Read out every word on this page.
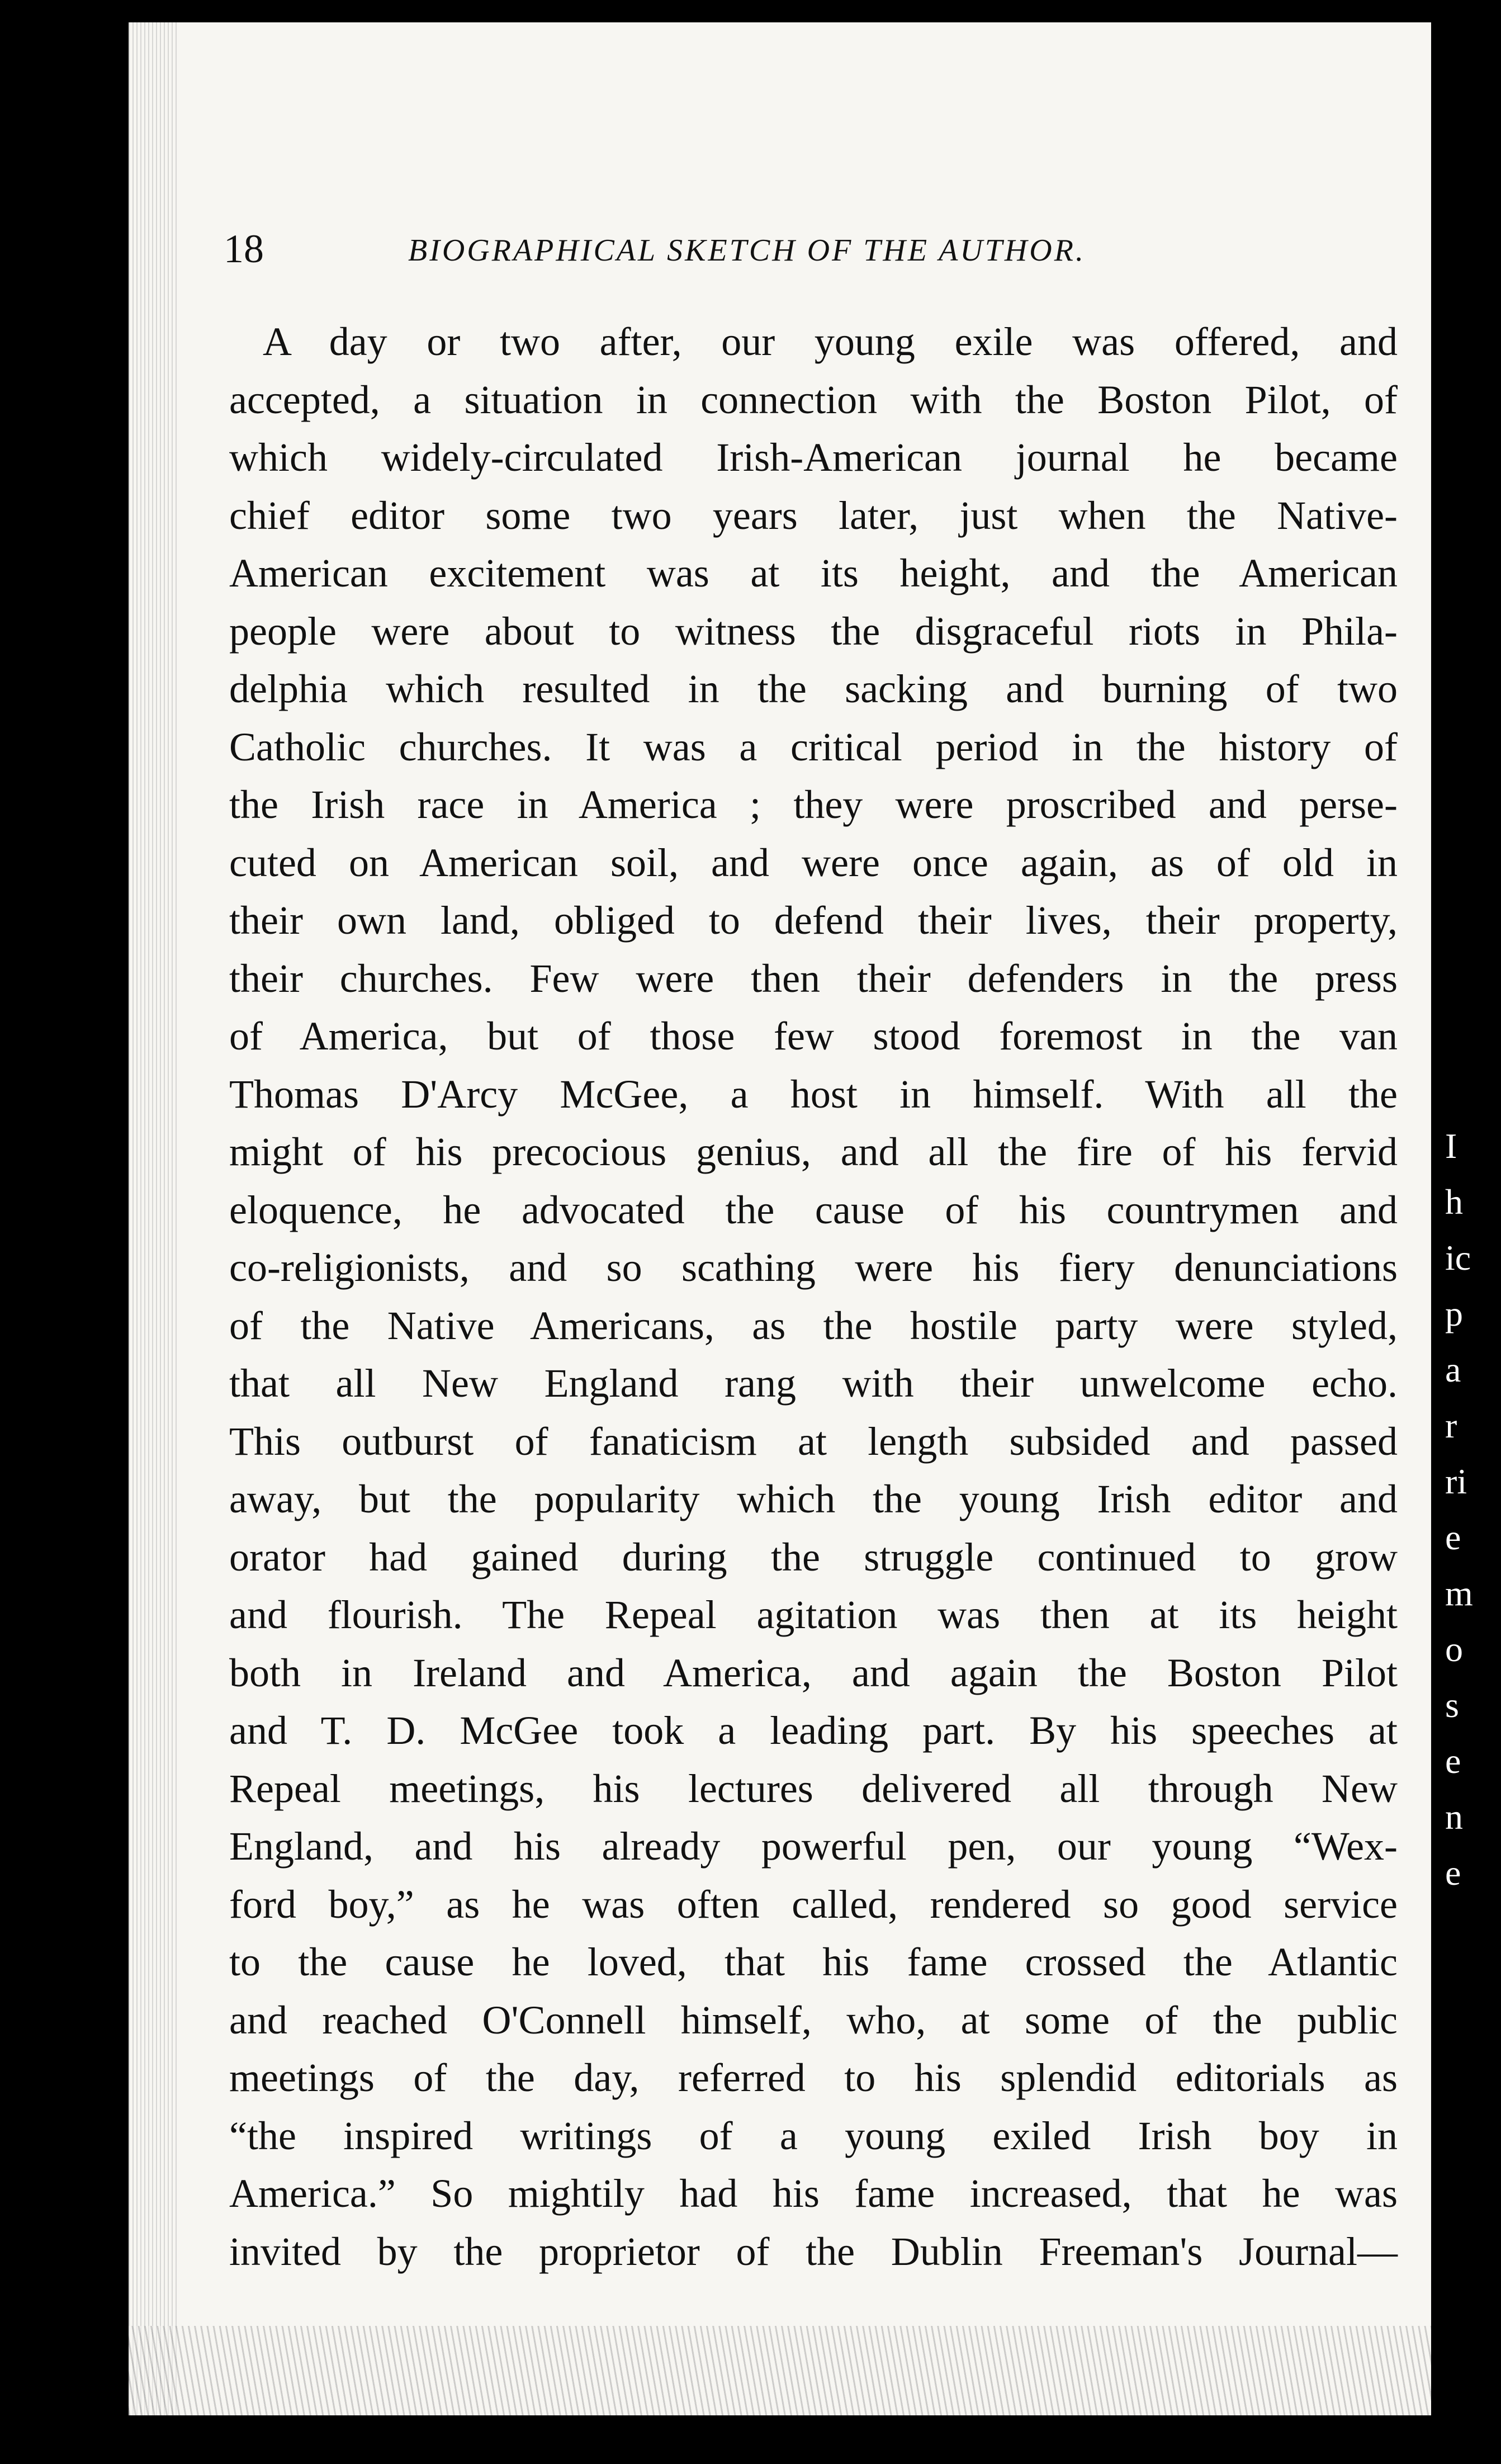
18	BIOGRAPHICAL SKETCH OF THE AUTHOR.
A day or two after, our young exile was offered, and
accepted, a situation in connection with the Boston Pilot, of
which widely-circulated Irish-American journal he became
chief editor some two years later, just when the Native-
American excitement was at its height, and the American
people were about to witness the disgraceful riots in Phila-
delphia which resulted in the sacking and burning of two
Catholic churches. It was a critical period in the history of
the Irish race in America ; they were proscribed and perse-
cuted on American soil, and were once again, as of old in
their own land, obliged to defend their lives, their property,
their churches. Few were then their defenders in the press
of America, but of those few stood foremost in the van
Thomas D'Arcy McGee, a host in himself. With all the
might of his precocious genius, and all the fire of his fervid
eloquence, he advocated the cause of his countrymen and
co-religionists, and so scathing were his fiery denunciations
of the Native Americans, as the hostile party were styled,
that all New England rang with their unwelcome echo.
This outburst of fanaticism at length subsided and passed
away, but the popularity which the young Irish editor and
orator had gained during the struggle continued to grow
and flourish. The Repeal agitation was then at its height
both in Ireland and America, and again the Boston Pilot
and T. D. McGee took a leading part. By his speeches at
Repeal meetings, his lectures delivered all through New
England, and his already powerful pen, our young “Wex-
ford boy,” as he was often called, rendered so good service
to the cause he loved, that his fame crossed the Atlantic
and reached O'Connell himself, who, at some of the public
meetings of the day, referred to his splendid editorials as
“the inspired writings of a young exiled Irish boy in
America.” So mightily had his fame increased, that he was
invited by the proprietor of the Dublin Freeman's Journal—
I
h
ic
p
a
r
ri
e
m
o
s
e
n
e
